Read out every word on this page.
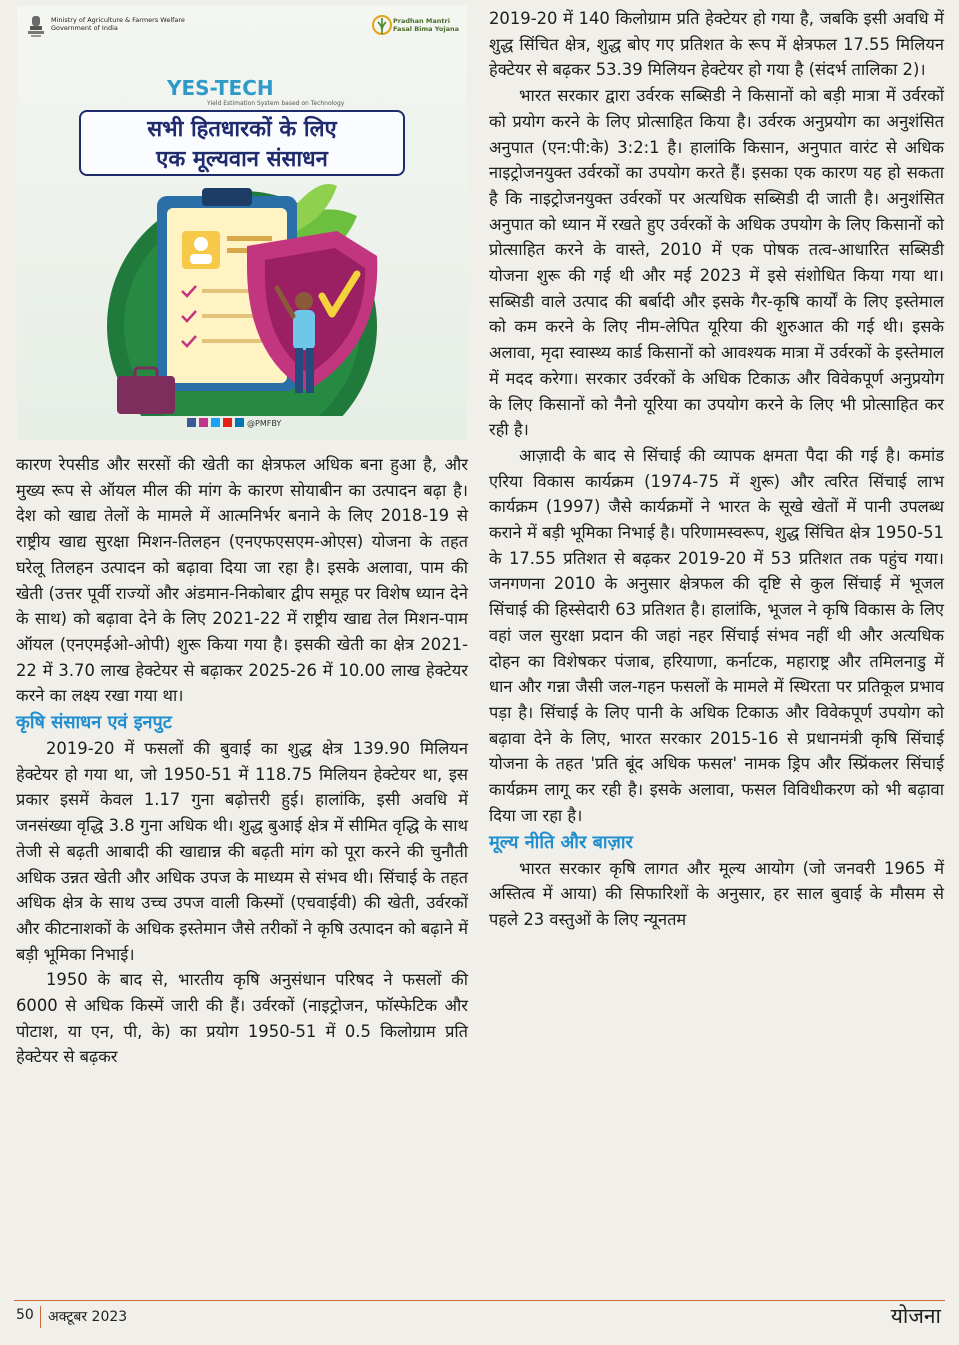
Ministry of Agriculture & Farmers Welfare
Government of India
Pradhan Mantri
Fasal Bima Yojana
YES-TECH
Yield Estimation System based on Technology
सभी हितधारकों के लिए
एक मूल्यवान संसाधन
@PMFBY

कारण रेपसीड और सरसों की खेती का क्षेत्रफल अधिक बना हुआ है, और मुख्य रूप से ऑयल मील की मांग के कारण सोयाबीन का उत्पादन बढ़ा है। देश को खाद्य तेलों के मामले में आत्मनिर्भर बनाने के लिए 2018-19 से राष्ट्रीय खाद्य सुरक्षा मिशन-तिलहन (एनएफएसएम-ओएस) योजना के तहत घरेलू तिलहन उत्पादन को बढ़ावा दिया जा रहा है। इसके अलावा, पाम की खेती (उत्तर पूर्वी राज्यों और अंडमान-निकोबार द्वीप समूह पर विशेष ध्यान देने के साथ) को बढ़ावा देने के लिए 2021-22 में राष्ट्रीय खाद्य तेल मिशन-पाम ऑयल (एनएमईओ-ओपी) शुरू किया गया है। इसकी खेती का क्षेत्र 2021-22 में 3.70 लाख हेक्टेयर से बढ़ाकर 2025-26 में 10.00 लाख हेक्टेयर करने का लक्ष्य रखा गया था।

कृषि संसाधन एवं इनपुट

2019-20 में फसलों की बुवाई का शुद्ध क्षेत्र 139.90 मिलियन हेक्टेयर हो गया था, जो 1950-51 में 118.75 मिलियन हेक्टेयर था, इस प्रकार इसमें केवल 1.17 गुना बढ़ोत्तरी हुई। हालांकि, इसी अवधि में जनसंख्या वृद्धि 3.8 गुना अधिक थी। शुद्ध बुआई क्षेत्र में सीमित वृद्धि के साथ तेजी से बढ़ती आबादी की खाद्यान्न की बढ़ती मांग को पूरा करने की चुनौती अधिक उन्नत खेती और अधिक उपज के माध्यम से संभव थी। सिंचाई के तहत अधिक क्षेत्र के साथ उच्च उपज वाली किस्मों (एचवाईवी) की खेती, उर्वरकों और कीटनाशकों के अधिक इस्तेमान जैसे तरीकों ने कृषि उत्पादन को बढ़ाने में बड़ी भूमिका निभाई।

1950 के बाद से, भारतीय कृषि अनुसंधान परिषद ने फसलों की 6000 से अधिक किस्में जारी की हैं। उर्वरकों (नाइट्रोजन, फॉस्फेटिक और पोटाश, या एन, पी, के) का प्रयोग 1950-51 में 0.5 किलोग्राम प्रति हेक्टेयर से बढ़कर

2019-20 में 140 किलोग्राम प्रति हेक्टेयर हो गया है, जबकि इसी अवधि में शुद्ध सिंचित क्षेत्र, शुद्ध बोए गए प्रतिशत के रूप में क्षेत्रफल 17.55 मिलियन हेक्टेयर से बढ़कर 53.39 मिलियन हेक्टेयर हो गया है (संदर्भ तालिका 2)।

भारत सरकार द्वारा उर्वरक सब्सिडी ने किसानों को बड़ी मात्रा में उर्वरकों को प्रयोग करने के लिए प्रोत्साहित किया है। उर्वरक अनुप्रयोग का अनुशंसित अनुपात (एन:पी:के) 3:2:1 है। हालांकि किसान, अनुपात वारंट से अधिक नाइट्रोजनयुक्त उर्वरकों का उपयोग करते हैं। इसका एक कारण यह हो सकता है कि नाइट्रोजनयुक्त उर्वरकों पर अत्यधिक सब्सिडी दी जाती है। अनुशंसित अनुपात को ध्यान में रखते हुए उर्वरकों के अधिक उपयोग के लिए किसानों को प्रोत्साहित करने के वास्ते, 2010 में एक पोषक तत्व-आधारित सब्सिडी योजना शुरू की गई थी और मई 2023 में इसे संशोधित किया गया था। सब्सिडी वाले उत्पाद की बर्बादी और इसके गैर-कृषि कार्यों के लिए इस्तेमाल को कम करने के लिए नीम-लेपित यूरिया की शुरुआत की गई थी। इसके अलावा, मृदा स्वास्थ्य कार्ड किसानों को आवश्यक मात्रा में उर्वरकों के इस्तेमाल में मदद करेगा। सरकार उर्वरकों के अधिक टिकाऊ और विवेकपूर्ण अनुप्रयोग के लिए किसानों को नैनो यूरिया का उपयोग करने के लिए भी प्रोत्साहित कर रही है।

आज़ादी के बाद से सिंचाई की व्यापक क्षमता पैदा की गई है। कमांड एरिया विकास कार्यक्रम (1974-75 में शुरू) और त्वरित सिंचाई लाभ कार्यक्रम (1997) जैसे कार्यक्रमों ने भारत के सूखे खेतों में पानी उपलब्ध कराने में बड़ी भूमिका निभाई है। परिणामस्वरूप, शुद्ध सिंचित क्षेत्र 1950-51 के 17.55 प्रतिशत से बढ़कर 2019-20 में 53 प्रतिशत तक पहुंच गया। जनगणना 2010 के अनुसार क्षेत्रफल की दृष्टि से कुल सिंचाई में भूजल सिंचाई की हिस्सेदारी 63 प्रतिशत है। हालांकि, भूजल ने कृषि विकास के लिए वहां जल सुरक्षा प्रदान की जहां नहर सिंचाई संभव नहीं थी और अत्यधिक दोहन का विशेषकर पंजाब, हरियाणा, कर्नाटक, महाराष्ट्र और तमिलनाडु में धान और गन्ना जैसी जल-गहन फसलों के मामले में स्थिरता पर प्रतिकूल प्रभाव पड़ा है। सिंचाई के लिए पानी के अधिक टिकाऊ और विवेकपूर्ण उपयोग को बढ़ावा देने के लिए, भारत सरकार 2015-16 से प्रधानमंत्री कृषि सिंचाई योजना के तहत 'प्रति बूंद अधिक फसल' नामक ड्रिप और स्प्रिंकलर सिंचाई कार्यक्रम लागू कर रही है। इसके अलावा, फसल विविधीकरण को भी बढ़ावा दिया जा रहा है।

मूल्य नीति और बाज़ार

भारत सरकार कृषि लागत और मूल्य आयोग (जो जनवरी 1965 में अस्तित्व में आया) की सिफारिशों के अनुसार, हर साल बुवाई के मौसम से पहले 23 वस्तुओं के लिए न्यूनतम

50 अक्टूबर 2023	योजना
